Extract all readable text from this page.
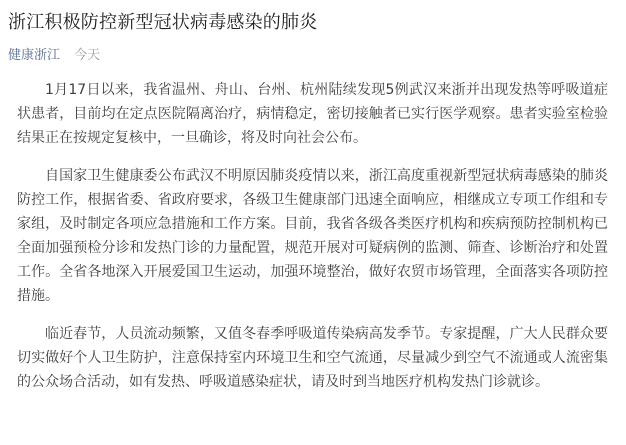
浙江积极防控新型冠状病毒感染的肺炎
健康浙江 今天

1月17日以来，我省温州、舟山、台州、杭州陆续发现5例武汉来浙并出现发热等呼吸道症状患者，目前均在定点医院隔离治疗，病情稳定，密切接触者已实行医学观察。患者实验室检验结果正在按规定复核中，一旦确诊，将及时向社会公布。

自国家卫生健康委公布武汉不明原因肺炎疫情以来，浙江高度重视新型冠状病毒感染的肺炎防控工作，根据省委、省政府要求，各级卫生健康部门迅速全面响应，相继成立专项工作组和专家组，及时制定各项应急措施和工作方案。目前，我省各级各类医疗机构和疾病预防控制机构已全面加强预检分诊和发热门诊的力量配置，规范开展对可疑病例的监测、筛查、诊断治疗和处置工作。全省各地深入开展爱国卫生运动，加强环境整治，做好农贸市场管理，全面落实各项防控措施。

临近春节，人员流动频繁，又值冬春季呼吸道传染病高发季节。专家提醒，广大人民群众要切实做好个人卫生防护，注意保持室内环境卫生和空气流通，尽量减少到空气不流通或人流密集的公众场合活动，如有发热、呼吸道感染症状，请及时到当地医疗机构发热门诊就诊。
